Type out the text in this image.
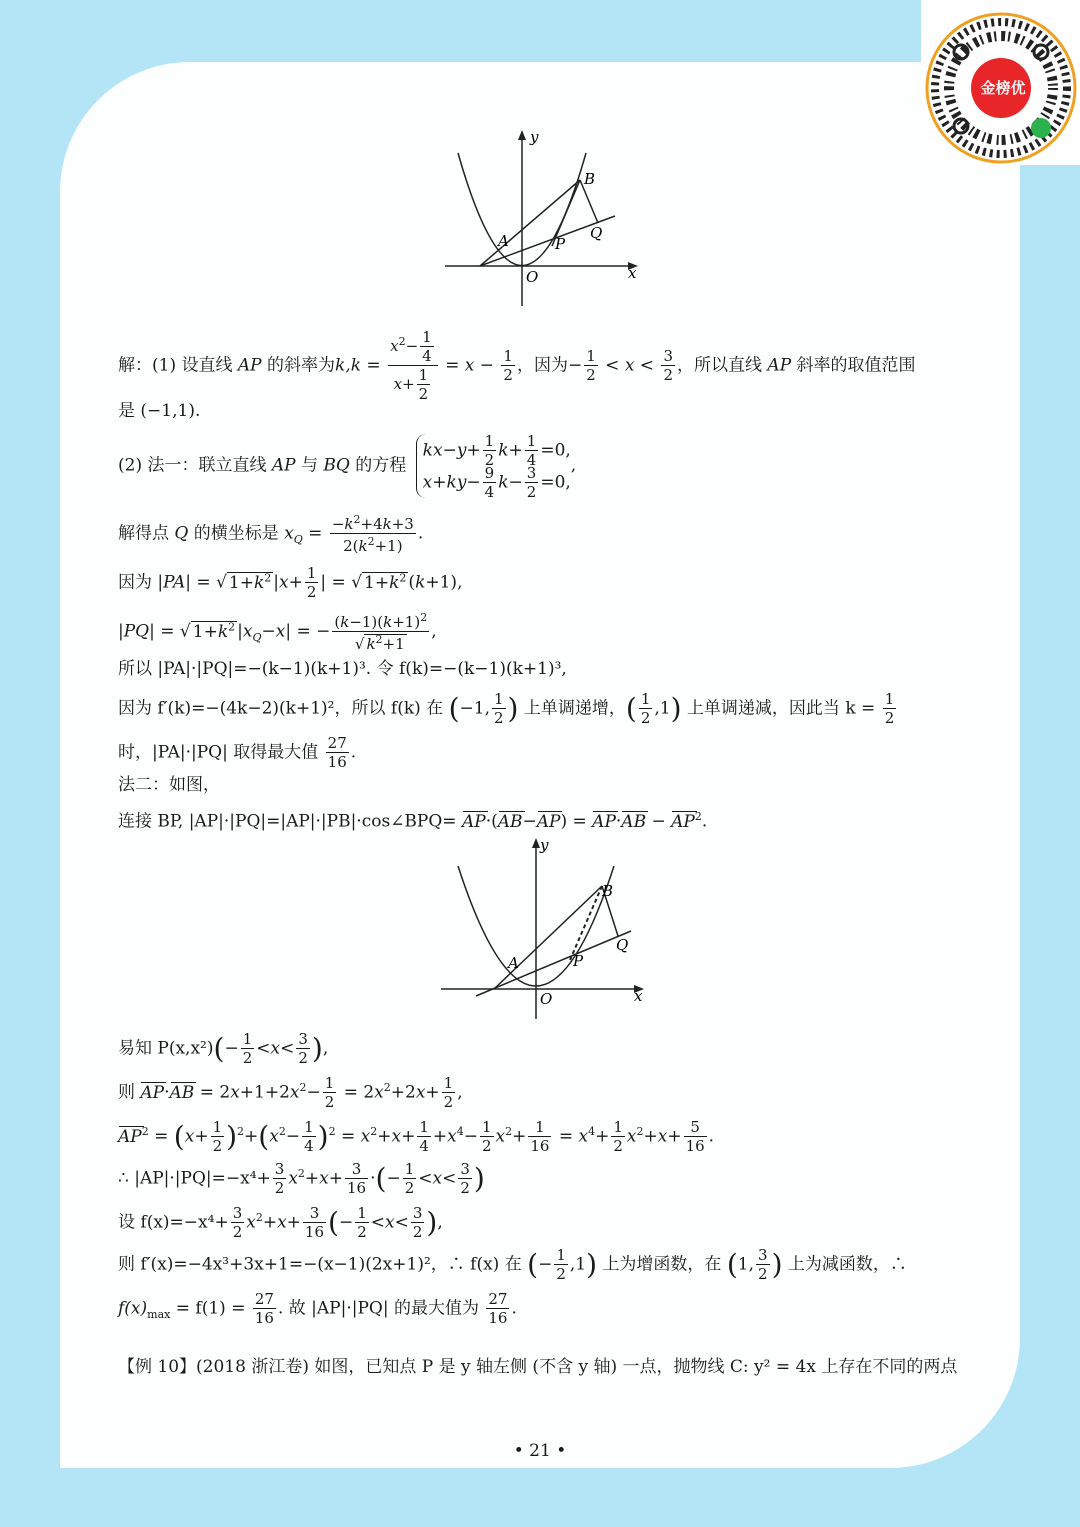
金榜优
y
x
O
A
B
P
Q
解：(1) 设直线 AP 的斜率为$k,k = \frac{x^2- \frac{1}{4}}{x+ \frac{1}{2}} = x - \frac{1}{2}$ ，因为− $\frac{1}{2} < x < \frac{3}{2}$ ，所以直线 AP 斜率的取值范围
是 (−1,1).
(2) 法一：联立直线 AP 与 BQ 的方程
$kx-y+ \frac{1}{2} k+ \frac{1}{4} =0$,
$x+ky- \frac{9}{4} k- \frac{3}{2} =0$,
,
解得点 Q 的横坐标是 $x_Q = \frac{-k^2+4k+3}{2(k^2+1)}$ .
因为 |PA| = √ $1+k^2$ $|x+ \frac{1}{2}$ | = √ $1+k^2$ (k+1),
|PQ| = √ $1+k^2$ $|x_Q-x|$ = − $\frac{(k-1)(k+1)^2}{√ k^2+1}$ ,
所以 |PA|·|PQ|=−(k−1)(k+1)³. 令 f(k)=−(k−1)(k+1)³,
因为 f′(k)=−(4k−2)(k+1)²，所以 f(k) 在 (−1, $\frac{1}{2}$ ) 上单调递增，( $\frac{1}{2} ,1$) 上单调递减，因此当 $k = \frac{1}{2}$
时，|PA|·|PQ| 取得最大值 $\frac{27}{16}$ .
法二：如图，
连接 BP, |AP|·|PQ|=|AP|·|PB|·cos∠BPQ= $AP\cdot(AB-AP) = AP\cdot AB - AP^2$.
y
x
O
A
B
P
Q
易知 $P(x,x^2)(- \frac{1}{2} <x< \frac{3}{2}$ ),
则 $AP\cdot AB = 2x+1+2x^2- \frac{1}{2} = 2x^2+2x+ \frac{1}{2}$ ,
$AP^2 = (x+ \frac{1}{2} )^2+(x^2- \frac{1}{4} )^2 = x^2+x+ \frac{1}{4} +x^4- \frac{1}{2} x^2+ \frac{1}{16} = x^4+ \frac{1}{2} x^2+x+ \frac{5}{16}$ .
∴ $|AP|\cdot|PQ|=-x^4+ \frac{3}{2} x^2+x+ \frac{3}{16}$ ·(− $\frac{1}{2} <x< \frac{3}{2}$ )
设 $f(x)=-x^4+ \frac{3}{2} x^2+x+ \frac{3}{16}$ (− $\frac{1}{2} <x< \frac{3}{2}$ ),
则 f′(x)=−4x³+3x+1=−(x−1)(2x+1)²，∴ f(x) 在 (− $\frac{1}{2} ,1$) 上为增函数，在 (1, $\frac{3}{2}$ ) 上为减函数，∴
$f(x)_{max} = f(1) = \frac{27}{16}$ . 故 |AP|·|PQ| 的最大值为 $\frac{27}{16}$ .
【例 10】(2018 浙江卷) 如图，已知点 P 是 y 轴左侧 (不含 y 轴) 一点，抛物线 C: y² = 4x 上存在不同的两点
• 21 •
